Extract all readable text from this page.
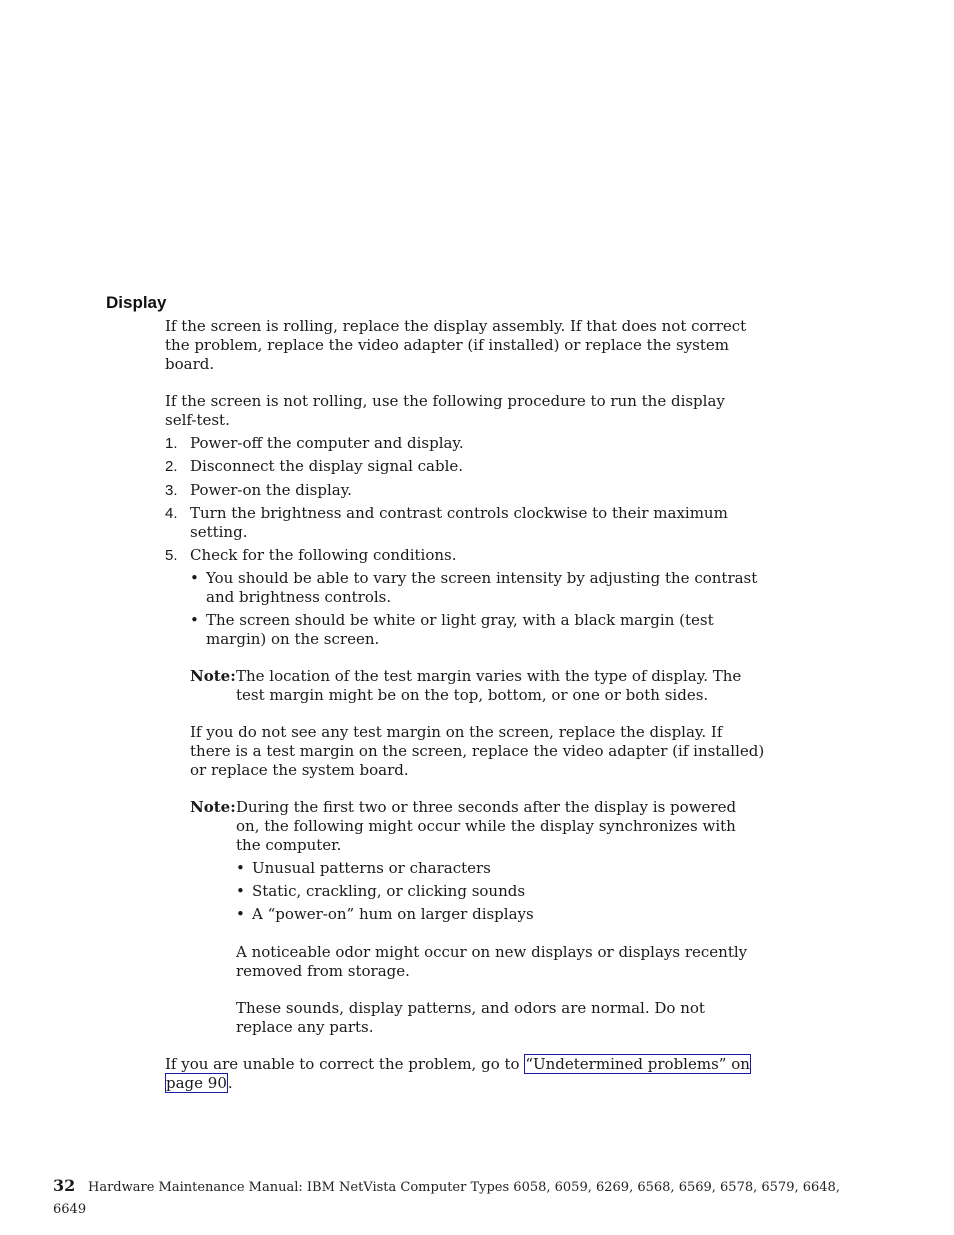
Display
If the screen is rolling, replace the display assembly. If that does not correct
the problem, replace the video adapter (if installed) or replace the system
board.
If the screen is not rolling, use the following procedure to run the display
self-test.
1. Power-off the computer and display.
2. Disconnect the display signal cable.
3. Power-on the display.
4. Turn the brightness and contrast controls clockwise to their maximum
setting.
5. Check for the following conditions.
• You should be able to vary the screen intensity by adjusting the contrast
and brightness controls.
• The screen should be white or light gray, with a black margin (test
margin) on the screen.
Note: The location of the test margin varies with the type of display. The
test margin might be on the top, bottom, or one or both sides.
If you do not see any test margin on the screen, replace the display. If
there is a test margin on the screen, replace the video adapter (if installed)
or replace the system board.
Note: During the first two or three seconds after the display is powered
on, the following might occur while the display synchronizes with
the computer.
• Unusual patterns or characters
• Static, crackling, or clicking sounds
• A “power-on” hum on larger displays
A noticeable odor might occur on new displays or displays recently
removed from storage.
These sounds, display patterns, and odors are normal. Do not
replace any parts.
If you are unable to correct the problem, go to “Undetermined problems” on
page 90.
32 Hardware Maintenance Manual: IBM NetVista Computer Types 6058, 6059, 6269, 6568, 6569, 6578, 6579, 6648,
6649
